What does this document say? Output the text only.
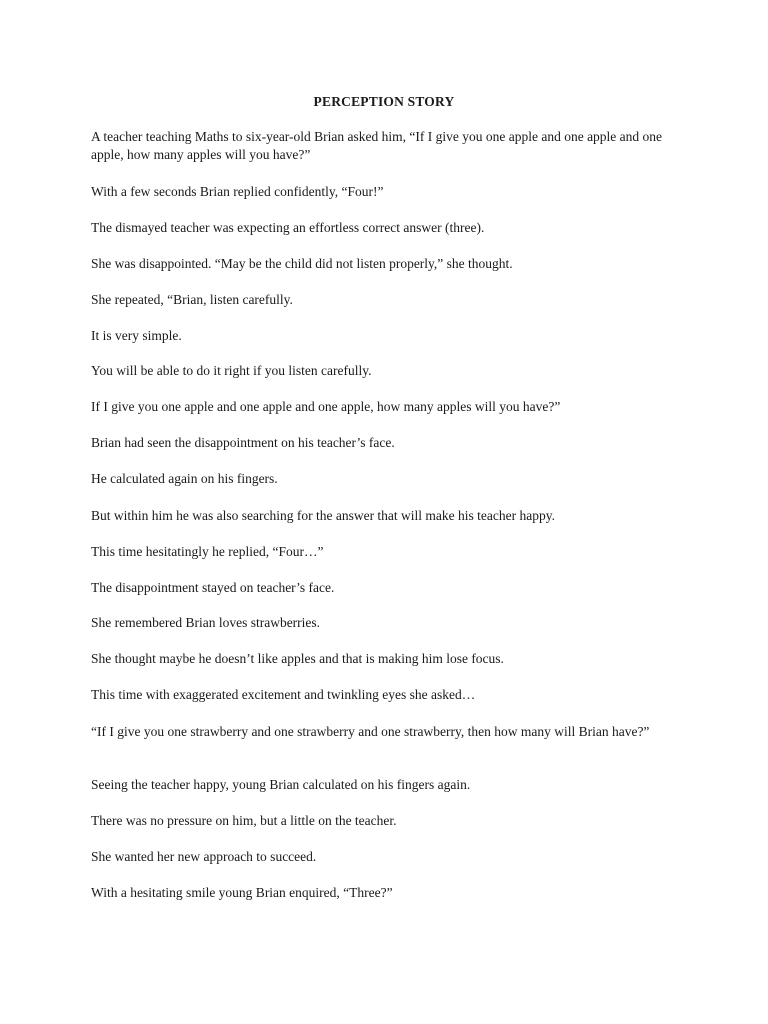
PERCEPTION STORY

A teacher teaching Maths to six-year-old Brian asked him, “If I give you one apple and one apple and one apple, how many apples will you have?”

With a few seconds Brian replied confidently, “Four!”

The dismayed teacher was expecting an effortless correct answer (three).

She was disappointed. “May be the child did not listen properly,” she thought.

She repeated, “Brian, listen carefully.

It is very simple.

You will be able to do it right if you listen carefully.

If I give you one apple and one apple and one apple, how many apples will you have?”

Brian had seen the disappointment on his teacher’s face.

He calculated again on his fingers.

But within him he was also searching for the answer that will make his teacher happy.

This time hesitatingly he replied, “Four…”

The disappointment stayed on teacher’s face.

She remembered Brian loves strawberries.

She thought maybe he doesn’t like apples and that is making him lose focus.

This time with exaggerated excitement and twinkling eyes she asked…

“If I give you one strawberry and one strawberry and one strawberry, then how many will Brian have?”

Seeing the teacher happy, young Brian calculated on his fingers again.

There was no pressure on him, but a little on the teacher.

She wanted her new approach to succeed.

With a hesitating smile young Brian enquired, “Three?”
